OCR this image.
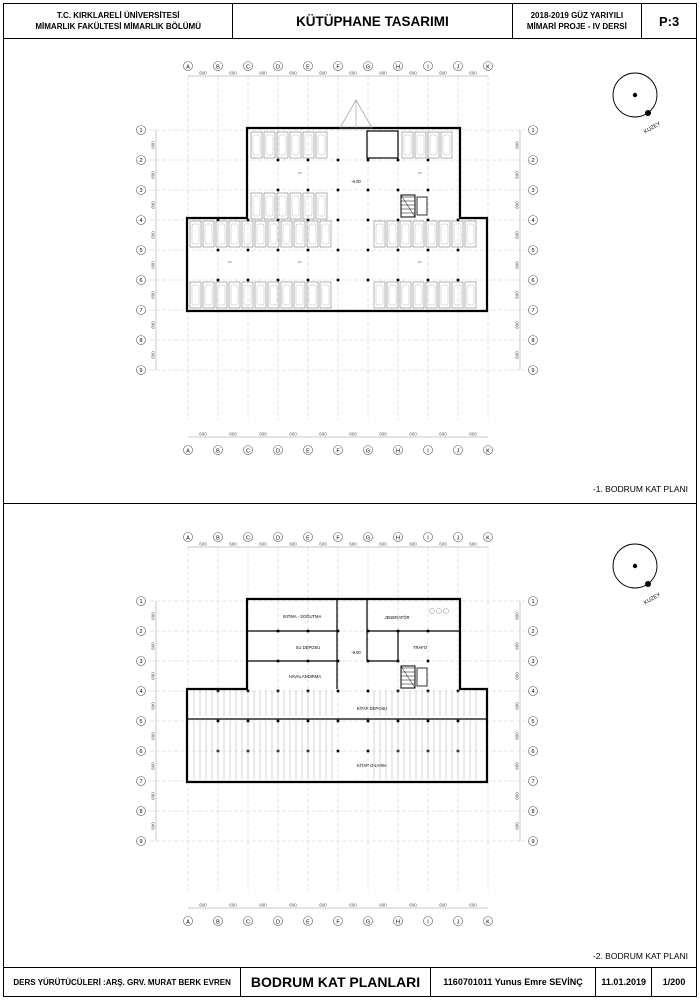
T.C. KIRKLARELİ ÜNİVERSİTESİ
MİMARLIK FAKÜLTESİ MİMARLIK BÖLÜMÜ	KÜTÜPHANE TASARIMI	2018-2019 GÜZ YARIYILI
MİMARİ PROJE - IV DERSİ	P:3
DERS YÜRÜTÜCÜLERİ :ARŞ. GRV. MURAT BERK EVREN	BODRUM KAT PLANLARI	1160701011 Yunus Emre SEVİNÇ	11.01.2019	1/200
-1. BODRUM KAT PLANI
-2. BODRUM KAT PLANI
A
A
B
B
C
C
D
D
E
E
F
F
G
G
H
H
I
I
J
J
K
K
1	1
2	2
3	3
4	4
5	5
6	6
7	7
8	8
9	9
600	600	600	600	600	600	600	600	600	600
600	600	600	600	600	600	600	600	600	600
600
600
600
600
600
600
600
600
600
600
600
600
600
600
600
600
-6.00
⇐	⇐
⇐	⇐	⇐
KUZEY
A
A
B
B
C
C
D
D
E
E
F
F
G
G
H
H
I
I
J
J
K
K
1	1
2	2
3	3
4	4
5	5
6	6
7	7
8	8
9	9
600	600	600	600	600	600	600	600	600	600
600	600	600	600	600	600	600	600	600	600
600
600
600
600
600
600
600
600
600
600
600
600
600
600
600
600
-9.00
ISITMA - SOĞUTMA	JENERATÖR
SU DEPOSU	TRAFO
HAVALANDIRMA
KİTAP DEPOSU
KİTAP ONARIM
KUZEY
